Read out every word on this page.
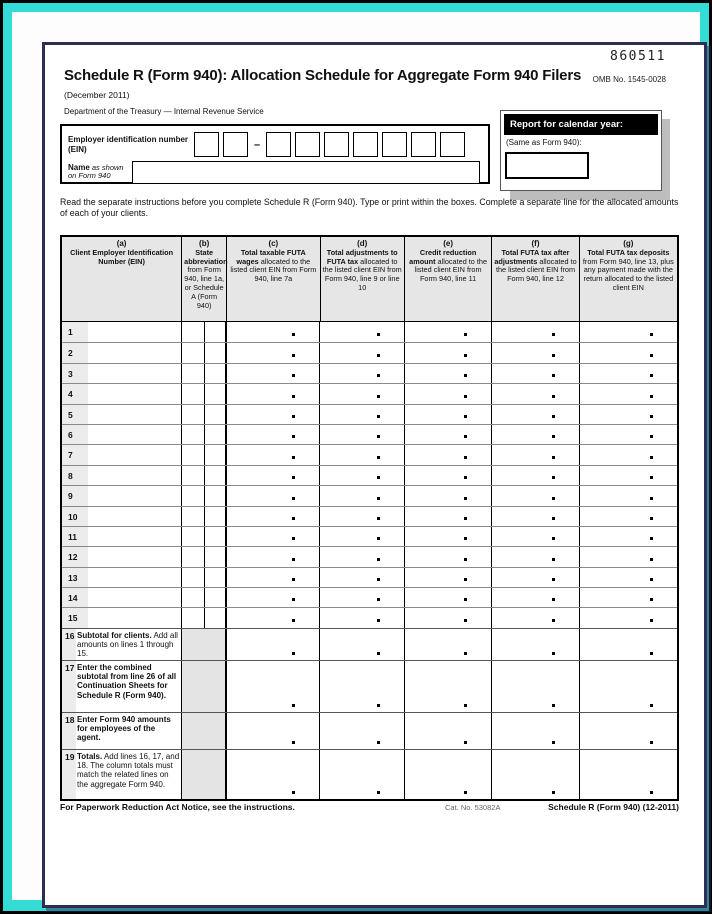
860511
Schedule R (Form 940): Allocation Schedule for Aggregate Form 940 Filers OMB No. 1545-0028
(December 2011)
Department of the Treasury — Internal Revenue Service
Employer identification number (EIN)	–
Name as shown on Form 940
Report for calendar year:
(Same as Form 940):
Read the separate instructions before you complete Schedule R (Form 940). Type or print within the boxes. Complete a separate line for the allocated amounts of each of your clients.
(a)
Client Employer Identification Number (EIN)
(b)
State abbreviation from Form 940, line 1a, or Schedule A (Form 940)
(c)
Total taxable FUTA wages allocated to the listed client EIN from Form 940, line 7a
(d)
Total adjustments to FUTA tax allocated to the listed client EIN from Form 940, line 9 or line 10
(e)
Credit reduction amount allocated to the listed client EIN from Form 940, line 11
(f)
Total FUTA tax after adjustments allocated to the listed client EIN from Form 940, line 12
(g)
Total FUTA tax deposits from Form 940, line 13, plus any payment made with the return allocated to the listed client EIN
1
2
3
4
5
6
7
8
9
10
11
12
13
14
15
16 Subtotal for clients. Add all amounts on lines 1 through 15.
17 Enter the combined subtotal from line 26 of all Continuation Sheets for Schedule R (Form 940).
18 Enter Form 940 amounts for employees of the agent.
19 Totals. Add lines 16, 17, and 18. The column totals must match the related lines on the aggregate Form 940.
For Paperwork Reduction Act Notice, see the instructions.	Cat. No. 53082A	Schedule R (Form 940) (12-2011)
